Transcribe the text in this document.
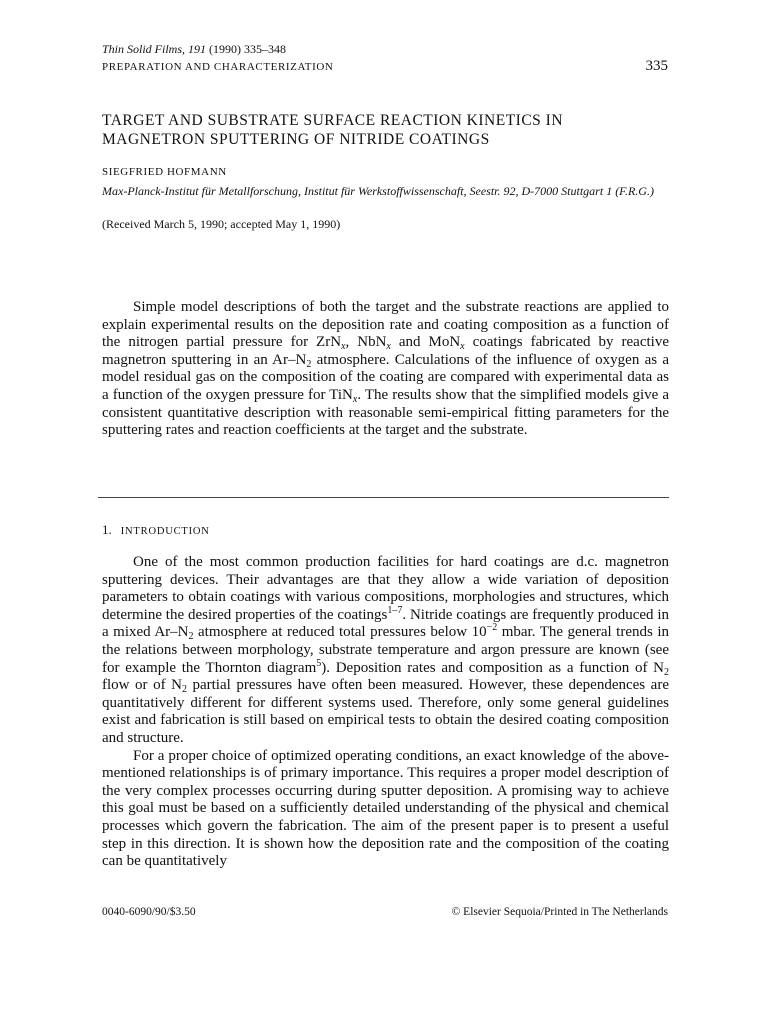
Thin Solid Films, 191 (1990) 335–348
PREPARATION AND CHARACTERIZATION	335
TARGET AND SUBSTRATE SURFACE REACTION KINETICS IN
MAGNETRON SPUTTERING OF NITRIDE COATINGS
SIEGFRIED HOFMANN
Max-Planck-Institut für Metallforschung, Institut für Werkstoffwissenschaft, Seestr. 92, D-7000 Stuttgart 1 (F.R.G.)
(Received March 5, 1990; accepted May 1, 1990)

Simple model descriptions of both the target and the substrate reactions are applied to explain experimental results on the deposition rate and coating composition as a function of the nitrogen partial pressure for ZrN$_x$, NbN$_x$ and MoN$_x$ coatings fabricated by reactive magnetron sputtering in an $Ar-N_2$ atmosphere. Calculations of the influence of oxygen as a model residual gas on the composition of the coating are compared with experimental data as a function of the oxygen pressure for TiN$_x$. The results show that the simplified models give a consistent quantitative description with reasonable semi-empirical fitting parameters for the sputtering rates and reaction coefficients at the target and the substrate.

1. INTRODUCTION

One of the most common production facilities for hard coatings are d.c. magnetron sputtering devices. Their advantages are that they allow a wide variation of deposition parameters to obtain coatings with various compositions, morphologies and structures, which determine the desired properties of the coatings$^{1-7}$. Nitride coatings are frequently produced in a mixed $Ar-N_2$ atmosphere at reduced total pressures below $10^{-2}$ mbar. The general trends in the relations between morphology, substrate temperature and argon pressure are known (see for example the Thornton diagram$^5$). Deposition rates and composition as a function of $N_2$ flow or of $N_2$ partial pressures have often been measured. However, these dependences are quantitatively different for different systems used. Therefore, only some general guidelines exist and fabrication is still based on empirical tests to obtain the desired coating composition and structure.

For a proper choice of optimized operating conditions, an exact knowledge of the above-mentioned relationships is of primary importance. This requires a proper model description of the very complex processes occurring during sputter deposition. A promising way to achieve this goal must be based on a sufficiently detailed understanding of the physical and chemical processes which govern the fabrication. The aim of the present paper is to present a useful step in this direction. It is shown how the deposition rate and the composition of the coating can be quantitatively

0040-6090/90/$3.50	© Elsevier Sequoia/Printed in The Netherlands
